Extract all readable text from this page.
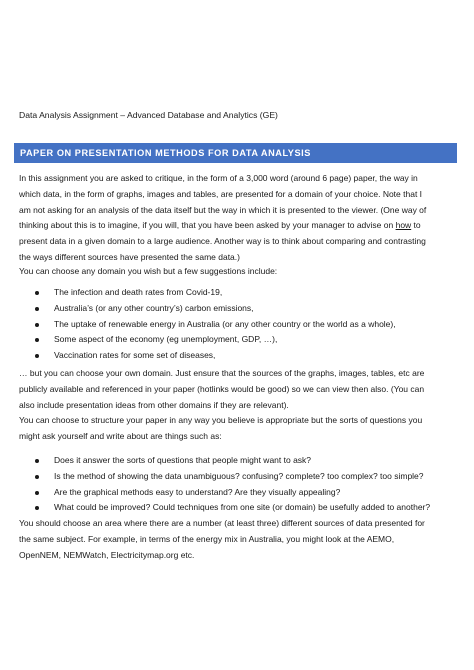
Data Analysis Assignment – Advanced Database and Analytics (GE)
PAPER ON PRESENTATION METHODS FOR DATA ANALYSIS

In this assignment you are asked to critique, in the form of a 3,000 word (around 6 page) paper, the way in

which data, in the form of graphs, images and tables, are presented for a domain of your choice. Note that I

am not asking for an analysis of the data itself but the way in which it is presented to the viewer. (One way of

thinking about this is to imagine, if you will, that you have been asked by your manager to advise on how to

present data in a given domain to a large audience. Another way is to think about comparing and contrasting

the ways different sources have presented the same data.)

You can choose any domain you wish but a few suggestions include:

The infection and death rates from Covid-19,
Australia’s (or any other country’s) carbon emissions,
The uptake of renewable energy in Australia (or any other country or the world as a whole),
Some aspect of the economy (eg unemployment, GDP, …),
Vaccination rates for some set of diseases,

… but you can choose your own domain. Just ensure that the sources of the graphs, images, tables, etc are

publicly available and referenced in your paper (hotlinks would be good) so we can view then also. (You can

also include presentation ideas from other domains if they are relevant).

You can choose to structure your paper in any way you believe is appropriate but the sorts of questions you

might ask yourself and write about are things such as:

Does it answer the sorts of questions that people might want to ask?
Is the method of showing the data unambiguous? confusing? complete? too complex? too simple?
Are the graphical methods easy to understand? Are they visually appealing?
What could be improved? Could techniques from one site (or domain) be usefully added to another?

You should choose an area where there are a number (at least three) different sources of data presented for

the same subject. For example, in terms of the energy mix in Australia, you might look at the AEMO,

OpenNEM, NEMWatch, Electricitymap.org etc.
